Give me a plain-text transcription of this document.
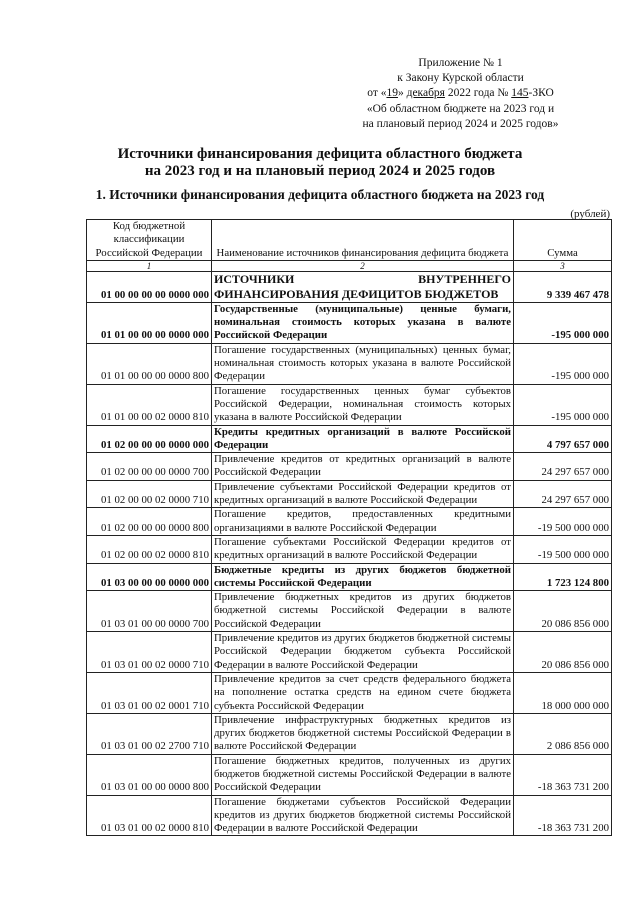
Приложение № 1
к Закону Курской области
от «19» декабря 2022 года № 145-ЗКО
«Об областном бюджете на 2023 год и
на плановый период 2024 и 2025 годов»
Источники финансирования дефицита областного бюджета
на 2023 год и на плановый период 2024 и 2025 годов
1. Источники финансирования дефицита областного бюджета на 2023 год
(рублей)
Код бюджетной классификации Российской Федерации	Наименование источников финансирования дефицита бюджета	Сумма
1	2	3
01 00 00 00 00 0000 000	ИСТОЧНИКИ ВНУТРЕННЕГО ФИНАНСИРОВАНИЯ ДЕФИЦИТОВ БЮДЖЕТОВ	9 339 467 478
01 01 00 00 00 0000 000	Государственные (муниципальные) ценные бумаги, номинальная стоимость которых указана в валюте Российской Федерации	-195 000 000
01 01 00 00 00 0000 800	Погашение государственных (муниципальных) ценных бумаг, номинальная стоимость которых указана в валюте Российской Федерации	-195 000 000
01 01 00 00 02 0000 810	Погашение государственных ценных бумаг субъектов Российской Федерации, номинальная стоимость которых указана в валюте Российской Федерации	-195 000 000
01 02 00 00 00 0000 000	Кредиты кредитных организаций в валюте Российской Федерации	4 797 657 000
01 02 00 00 00 0000 700	Привлечение кредитов от кредитных организаций в валюте Российской Федерации	24 297 657 000
01 02 00 00 02 0000 710	Привлечение субъектами Российской Федерации кредитов от кредитных организаций в валюте Российской Федерации	24 297 657 000
01 02 00 00 00 0000 800	Погашение кредитов, предоставленных кредитными организациями в валюте Российской Федерации	-19 500 000 000
01 02 00 00 02 0000 810	Погашение субъектами Российской Федерации кредитов от кредитных организаций в валюте Российской Федерации	-19 500 000 000
01 03 00 00 00 0000 000	Бюджетные кредиты из других бюджетов бюджетной системы Российской Федерации	1 723 124 800
01 03 01 00 00 0000 700	Привлечение бюджетных кредитов из других бюджетов бюджетной системы Российской Федерации в валюте Российской Федерации	20 086 856 000
01 03 01 00 02 0000 710	Привлечение кредитов из других бюджетов бюджетной системы Российской Федерации бюджетом субъекта Российской Федерации в валюте Российской Федерации	20 086 856 000
01 03 01 00 02 0001 710	Привлечение кредитов за счет средств федерального бюджета на пополнение остатка средств на едином счете бюджета субъекта Российской Федерации	18 000 000 000
01 03 01 00 02 2700 710	Привлечение инфраструктурных бюджетных кредитов из других бюджетов бюджетной системы Российской Федерации в валюте Российской Федерации	2 086 856 000
01 03 01 00 00 0000 800	Погашение бюджетных кредитов, полученных из других бюджетов бюджетной системы Российской Федерации в валюте Российской Федерации	-18 363 731 200
01 03 01 00 02 0000 810	Погашение бюджетами субъектов Российской Федерации кредитов из других бюджетов бюджетной системы Российской Федерации в валюте Российской Федерации	-18 363 731 200
